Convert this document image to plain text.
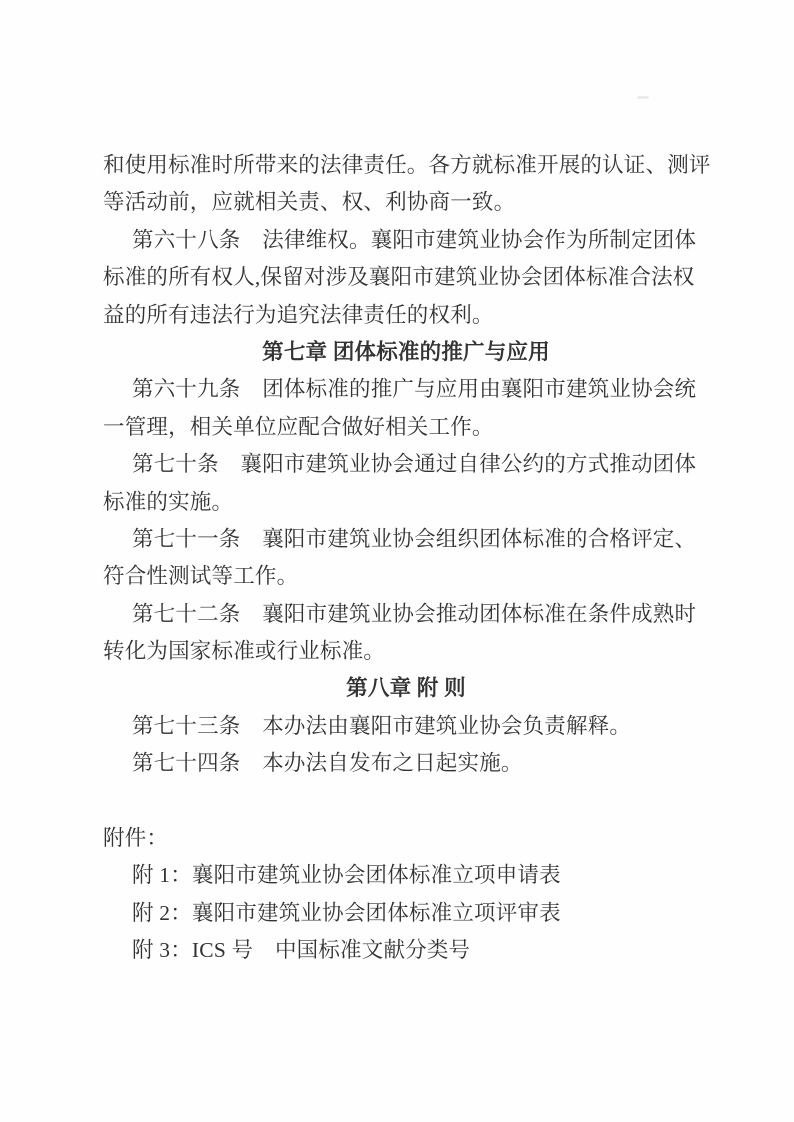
和使用标准时所带来的法律责任。各方就标准开展的认证、测评
等活动前，应就相关责、权、利协商一致。
第六十八条　法律维权。襄阳市建筑业协会作为所制定团体
标准的所有权人,保留对涉及襄阳市建筑业协会团体标准合法权
益的所有违法行为追究法律责任的权利。
第七章 团体标准的推广与应用
第六十九条　团体标准的推广与应用由襄阳市建筑业协会统
一管理，相关单位应配合做好相关工作。
第七十条　襄阳市建筑业协会通过自律公约的方式推动团体
标准的实施。
第七十一条　襄阳市建筑业协会组织团体标准的合格评定、
符合性测试等工作。
第七十二条　襄阳市建筑业协会推动团体标准在条件成熟时
转化为国家标准或行业标准。
第八章 附 则
第七十三条　本办法由襄阳市建筑业协会负责解释。
第七十四条　本办法自发布之日起实施。
附件：
附 1：襄阳市建筑业协会团体标准立项申请表
附 2：襄阳市建筑业协会团体标准立项评审表
附 3：ICS 号　中国标准文献分类号
